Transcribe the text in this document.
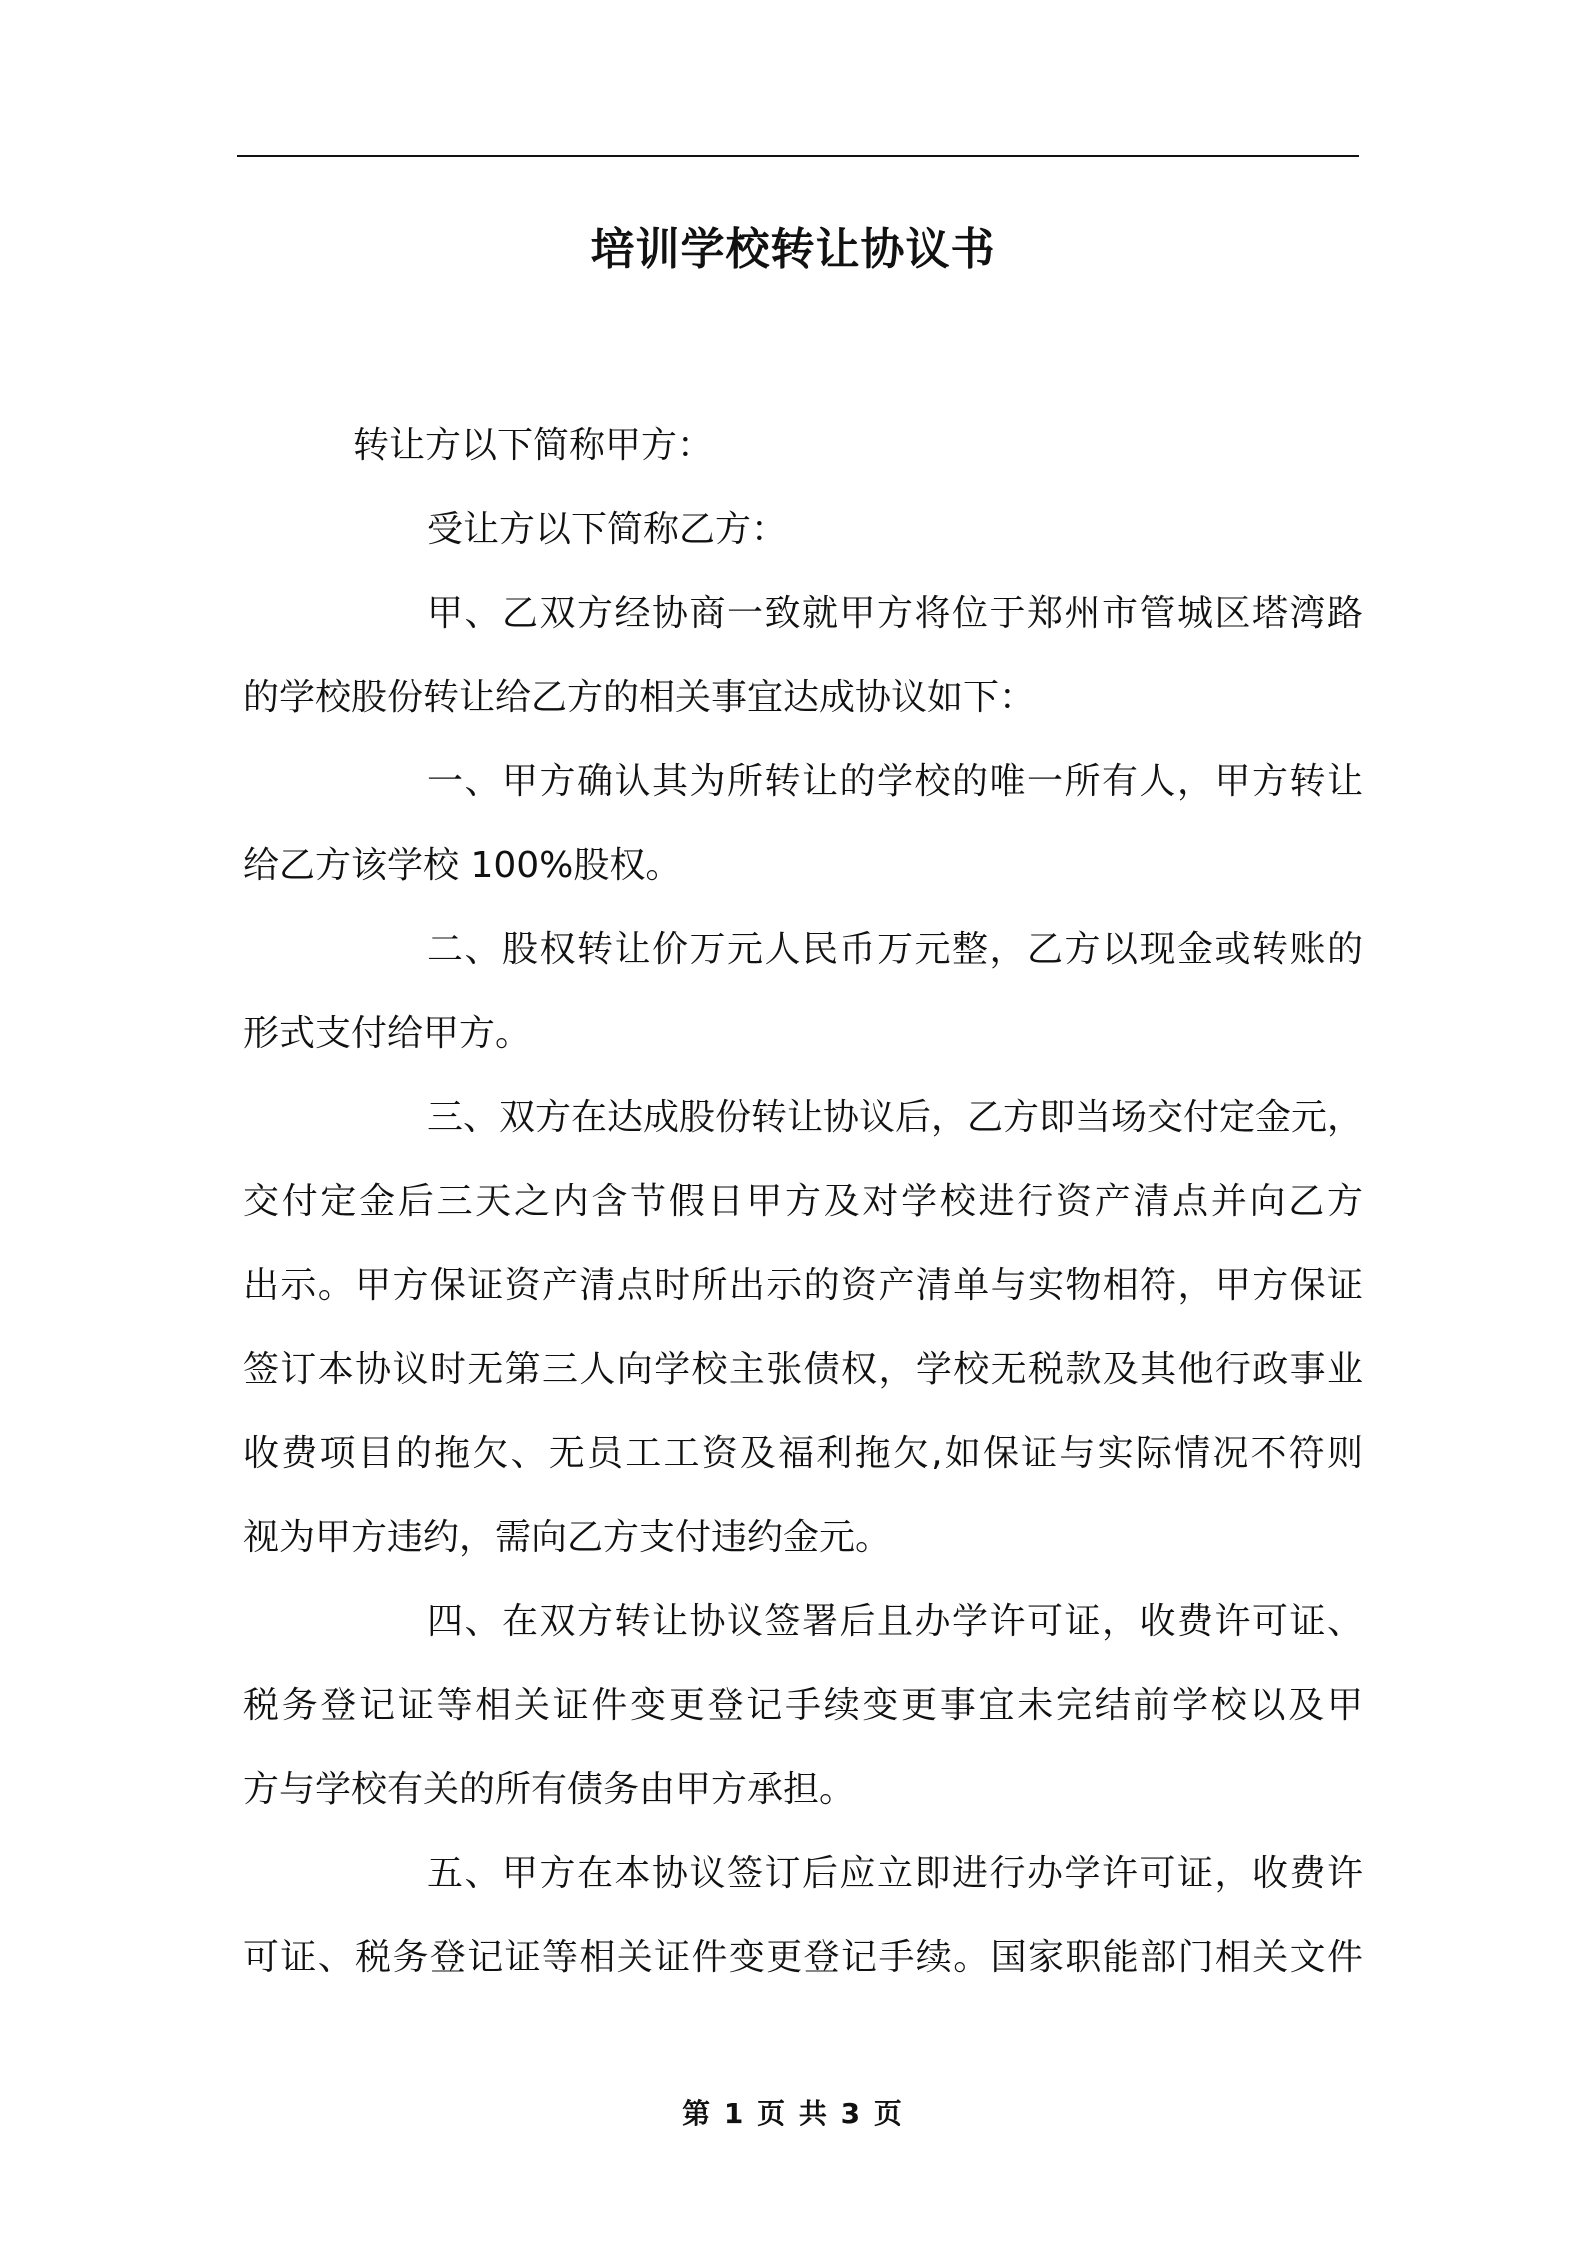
培训学校转让协议书
转让方以下简称甲方：
受让方以下简称乙方：
甲、乙双方经协商一致就甲方将位于郑州市管城区塔湾路
的学校股份转让给乙方的相关事宜达成协议如下：
一、甲方确认其为所转让的学校的唯一所有人，甲方转让
给乙方该学校 100%股权。
二、股权转让价万元人民币万元整，乙方以现金或转账的
形式支付给甲方。
三、双方在达成股份转让协议后，乙方即当场交付定金元，
交付定金后三天之内含节假日甲方及对学校进行资产清点并向乙方
出示。甲方保证资产清点时所出示的资产清单与实物相符，甲方保证
签订本协议时无第三人向学校主张债权，学校无税款及其他行政事业
收费项目的拖欠、无员工工资及福利拖欠,如保证与实际情况不符则
视为甲方违约，需向乙方支付违约金元。
四、在双方转让协议签署后且办学许可证，收费许可证、
税务登记证等相关证件变更登记手续变更事宜未完结前学校以及甲
方与学校有关的所有债务由甲方承担。
五、甲方在本协议签订后应立即进行办学许可证，收费许
可证、税务登记证等相关证件变更登记手续。国家职能部门相关文件
第 1 页 共 3 页
